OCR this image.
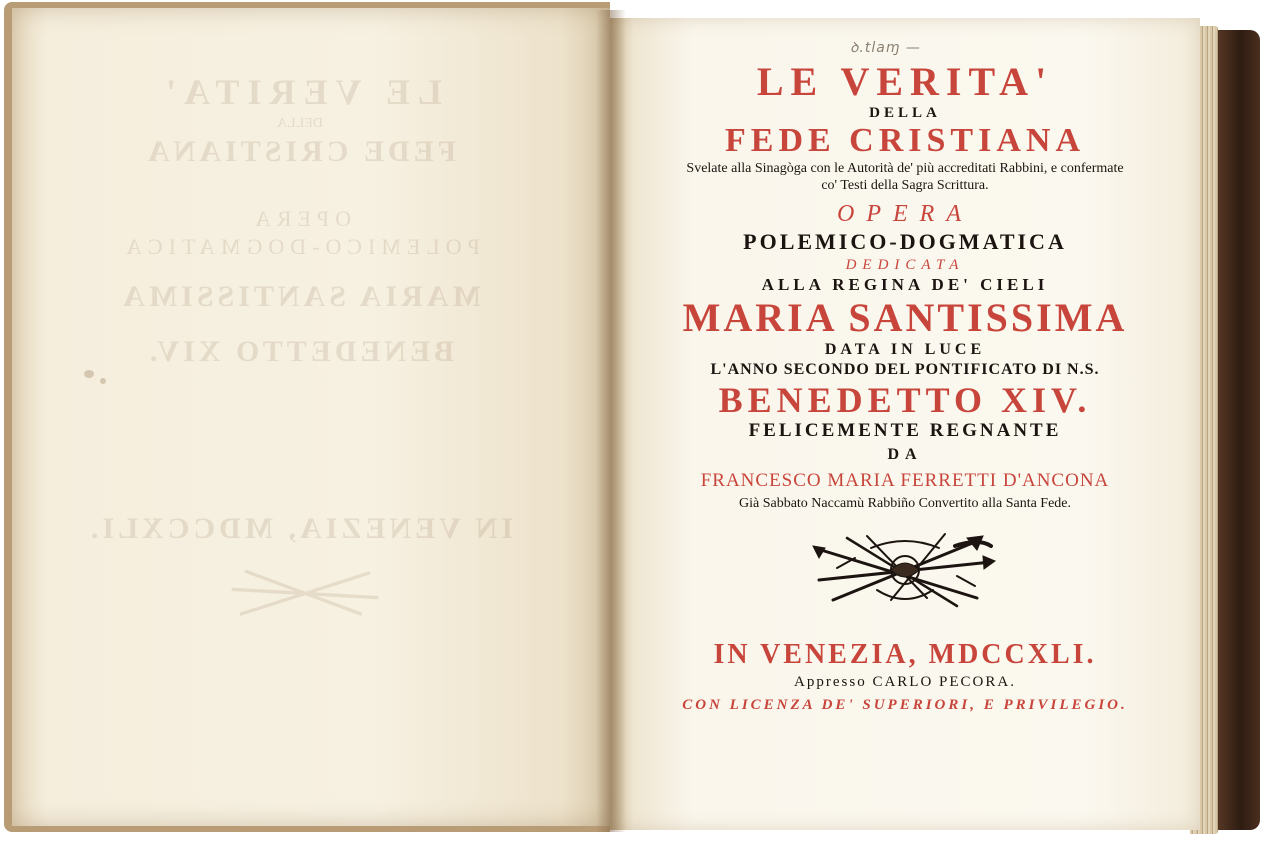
LE VERITA'
DELLA
FEDE CRISTIANA

OPERA
POLEMICO-DOGMATICA

MARIA SANTISSIMA

BENEDETTO XIV.

IN VENEZIA, MDCCXLI.
ꝺ.tlaɱ —
LE VERITA'
DELLA
FEDE CRISTIANA
Svelate alla Sinagòga con le Autorità de' più accreditati Rabbini, e confermate
co' Testi della Sagra Scrittura.
OPERA
POLEMICO-DOGMATICA
DEDICATA
ALLA REGINA DE' CIELI
MARIA SANTISSIMA
DATA IN LUCE
L'ANNO SECONDO DEL PONTIFICATO DI N.S.
BENEDETTO XIV.
FELICEMENTE REGNANTE
DA
FRANCESCO MARIA FERRETTI D'ANCONA
Già Sabbato Naccamù Rabbiño Convertito alla Santa Fede.
IN VENEZIA, MDCCXLI.
Appresso CARLO PECORA.
CON LICENZA DE' SUPERIORI, E PRIVILEGIO.
